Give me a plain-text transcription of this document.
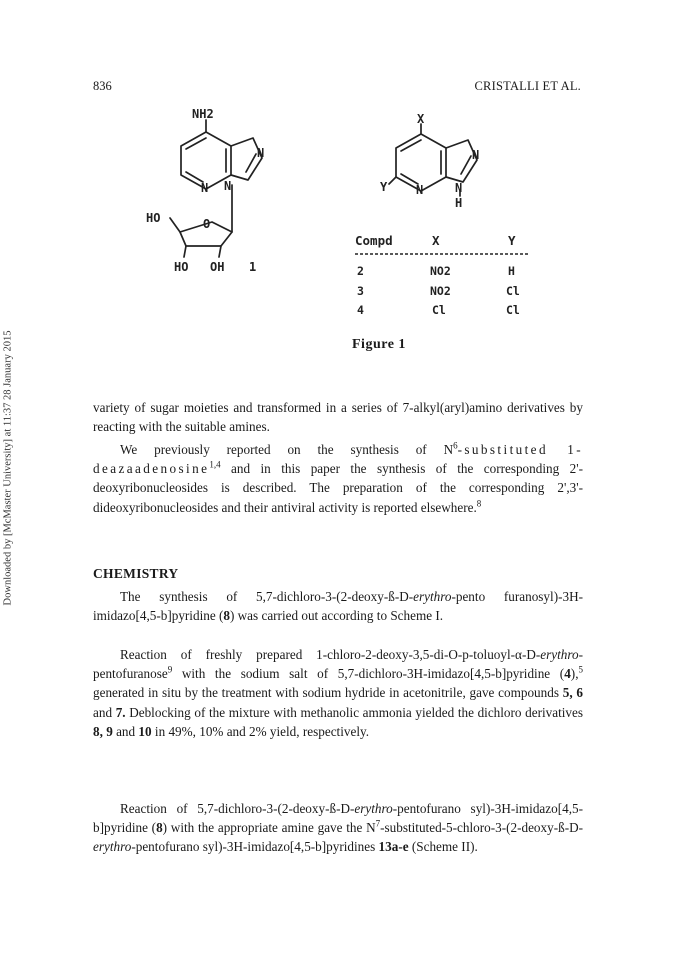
836	CRISTALLI ET AL.
Downloaded by [McMaster University] at 11:37 28 January 2015
NH2
N
N N
HO	O
HO OH 1
X
Y
N
N	N
H
Compd	X	Y
2	NO2	H
3	NO2	Cl
4	Cl	Cl
Figure 1

variety of sugar moieties and transformed in a series of 7-alkyl(aryl)amino derivatives by reacting with the suitable amines.

We previously reported on the synthesis of $N^6$-substituted 1-deazaadenosine$^{1,4}$ and in this paper the synthesis of the corresponding 2'-deoxyribonucleosides is described. The preparation of the corresponding 2',3'-dideoxyribonucleosides and their antiviral activity is reported elsewhere.$^8$

CHEMISTRY

The synthesis of 5,7-dichloro-3-(2-deoxy-ß-D-erythro-pento furanosyl)-3H-imidazo[4,5-b]pyridine (8) was carried out according to Scheme I.

Reaction of freshly prepared 1-chloro-2-deoxy-3,5-di-O-p-toluoyl-α-D-erythro-pentofuranose$^9$ with the sodium salt of 5,7-dichloro-3H-imidazo[4,5-b]pyridine (4),$^5$ generated in situ by the treatment with sodium hydride in acetonitrile, gave compounds 5, 6 and 7. Deblocking of the mixture with methanolic ammonia yielded the dichloro derivatives 8, 9 and 10 in 49%, 10% and 2% yield, respectively.

Reaction of 5,7-dichloro-3-(2-deoxy-ß-D-erythro-pentofurano syl)-3H-imidazo[4,5-b]pyridine (8) with the appropriate amine gave the $N^7-substituted-5-chloro-3-(2-deoxy-ß-D-erythro$-pentofurano syl)-3H-imidazo[4,5-b]pyridines 13a-e (Scheme II).
